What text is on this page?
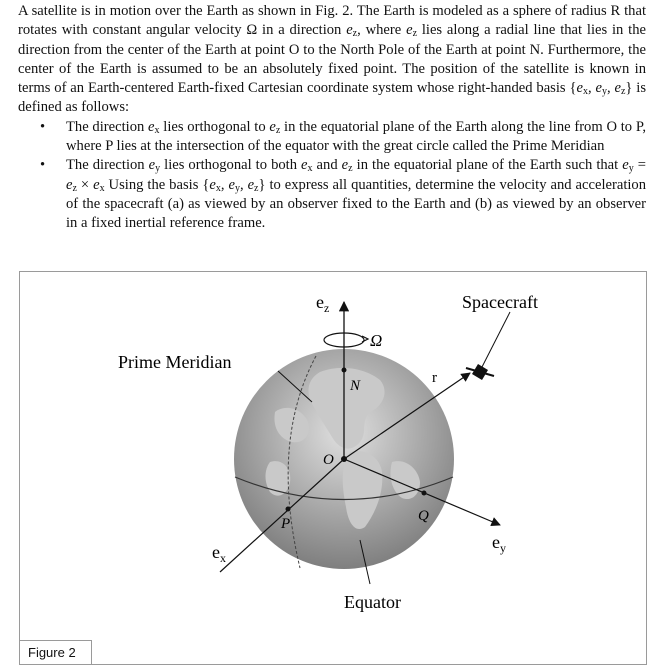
A satellite is in motion over the Earth as shown in Fig. 2. The Earth is modeled as a sphere of radius R that rotates with constant angular velocity Ω in a direction $e_z$, where $e_z$ lies along a radial line that lies in the direction from the center of the Earth at point O to the North Pole of the Earth at point N. Furthermore, the center of the Earth is assumed to be an absolutely fixed point. The position of the satellite is known in terms of an Earth-centered Earth-fixed Cartesian coordinate system whose right-handed basis {$e_x$, $e_y$, $e_z$} is defined as follows:

• The direction $e_x$ lies orthogonal to $e_z$ in the equatorial plane of the Earth along the line from O to P, where P lies at the intersection of the equator with the great circle called the Prime Meridian
• The direction $e_y$ lies orthogonal to both $e_x$ and $e_z$ in the equatorial plane of the Earth such that $e_y = e_z \times e_x$ Using the basis {$e_x$, $e_y$, $e_z$} to express all quantities, determine the velocity and acceleration of the spacecraft (a) as viewed by an observer fixed to the Earth and (b) as viewed by an observer in a fixed inertial reference frame.
$e_z$
Ω
Spacecraft
Prime Meridian
N	r
O
P	Q
$e_x$
$e_y$
Equator
Figure 2
